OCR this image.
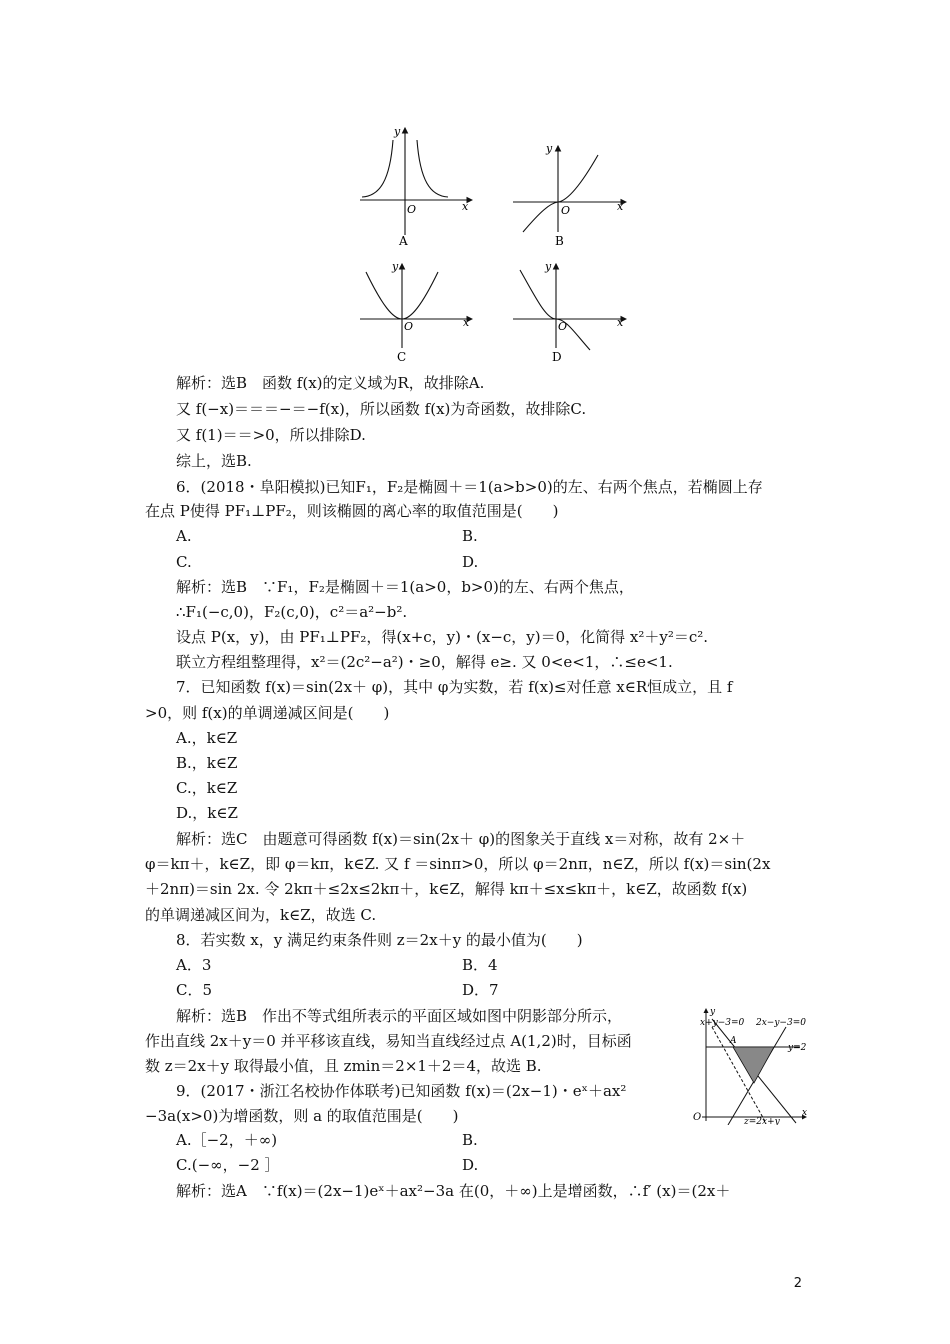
O	x
y
A
O	x
y
B
O	x
y
C
O	x
y
D
解析：选B　函数 f(x)的定义域为R，故排除A.
又 f(−x)＝＝＝−＝−f(x)，所以函数 f(x)为奇函数，故排除C.
又 f(1)＝＝>0，所以排除D.
综上，选B.
6．(2018・阜阳模拟)已知F₁，F₂是椭圆＋＝1(a>b>0)的左、右两个焦点，若椭圆上存
在点 P使得 PF₁⊥PF₂，则该椭圆的离心率的取值范围是(　　)
A.	B.
C.	D.
解析：选B　∵F₁，F₂是椭圆＋＝1(a>0，b>0)的左、右两个焦点，
∴F₁(−c,0)，F₂(c,0)，c²＝a²−b².
设点 P(x，y)，由 PF₁⊥PF₂，得(x+c，y)・(x−c，y)＝0，化简得 x²＋y²＝c².
联立方程组整理得，x²＝(2c²−a²)・≥0，解得 e≥. 又 0<e<1，∴≤e<1.
7．已知函数 f(x)＝sin(2x＋ φ)，其中 φ为实数，若 f(x)≤对任意 x∈R恒成立，且 f
>0，则 f(x)的单调递减区间是(　　)
A.，k∈Z
B.，k∈Z
C.，k∈Z
D.，k∈Z
解析：选C　由题意可得函数 f(x)＝sin(2x＋ φ)的图象关于直线 x＝对称，故有 2×＋
φ＝kπ＋，k∈Z，即 φ＝kπ，k∈Z. 又 f ＝sinπ>0，所以 φ＝2nπ，n∈Z，所以 f(x)＝sin(2x
＋2nπ)＝sin 2x. 令 2kπ＋≤2x≤2kπ＋，k∈Z，解得 kπ＋≤x≤kπ＋，k∈Z，故函数 f(x)
的单调递减区间为，k∈Z，故选 C.
8．若实数 x，y 满足约束条件则 z＝2x＋y 的最小值为(　　)
A．3	B．4
C．5	D．7
解析：选B　作出不等式组所表示的平面区域如图中阴影部分所示，
作出直线 2x＋y＝0 并平移该直线，易知当直线经过点 A(1,2)时，目标函
数 z＝2x＋y 取得最小值，且 zmin＝2×1＋2＝4，故选 B.
x+y−3=0 2x−y−3=0
y=2
A
z=2x+y
O	x
y
9．(2017・浙江名校协作体联考)已知函数 f(x)＝(2x−1)・eˣ＋ax²
−3a(x>0)为增函数，则 a 的取值范围是(　　)
A.［−2，＋∞)	B.
C.(−∞，−2 ］	D.
解析：选A　∵f(x)＝(2x−1)eˣ＋ax²−3a 在(0，＋∞)上是增函数，∴f′ (x)＝(2x＋
2
